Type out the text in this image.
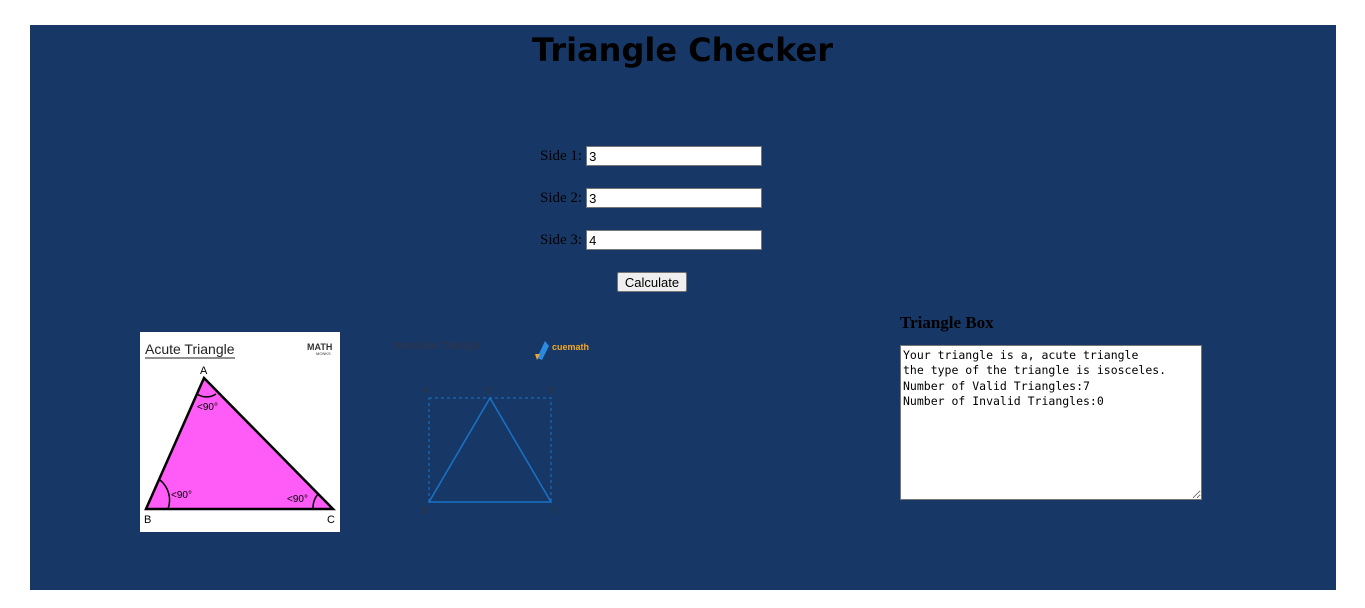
Triangle Checker
Side 1:
3
Side 2:
3
Side 3:
4
Calculate
Acute Triangle	MATH
MONKS
A
B	C
<90°
<90°	<90°
Isosceles Triangle	cuemath
A	D	B
B	C
Triangle Box
Your triangle is a, acute triangle the type of the triangle is isosceles. Number of Valid Triangles:7 Number of Invalid Triangles:0
